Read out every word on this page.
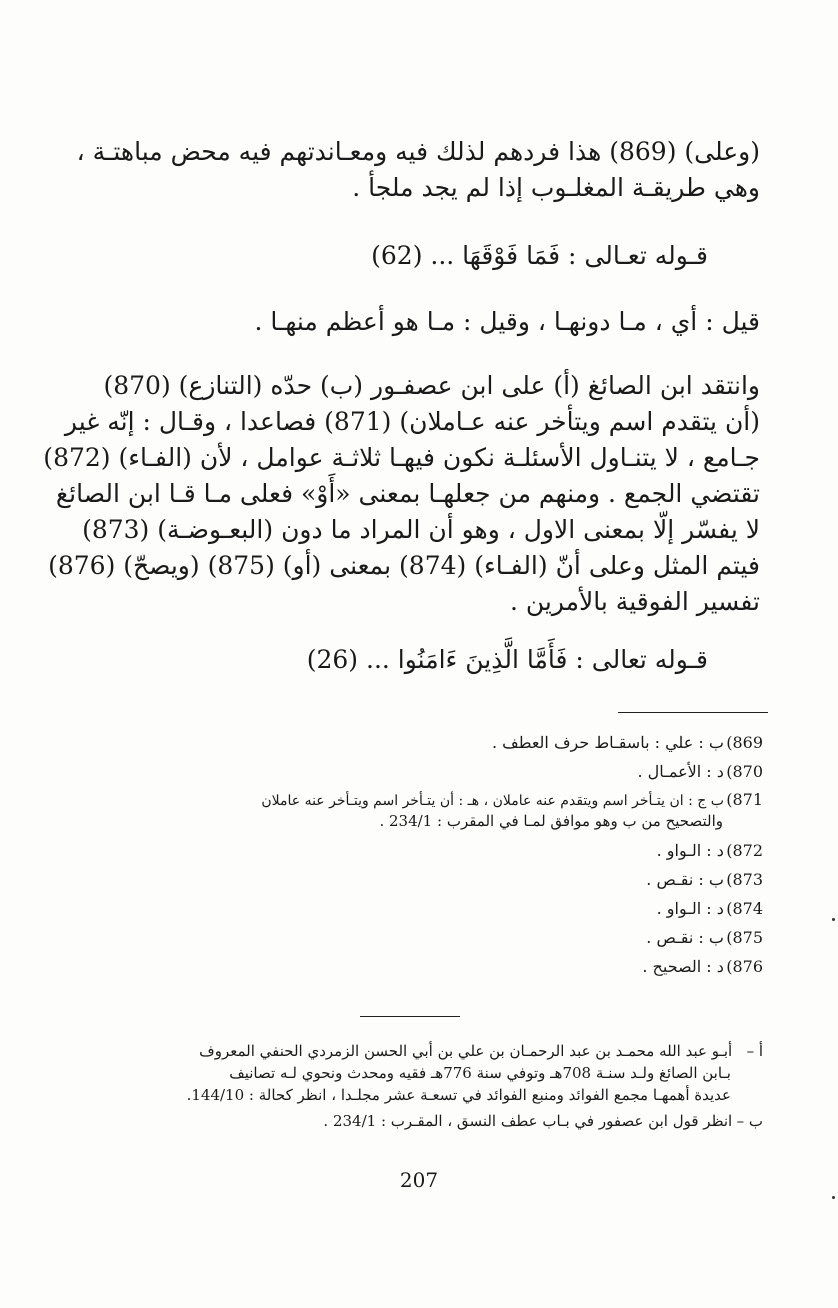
(وعلى) (869) هذا فردهم لذلك فيه ومعـاندتهم فيه محض مباهتـة ،
وهي طريقـة المغلـوب إذا لم يجد ملجأ .
قـوله تعـالى : فَمَا فَوْقَهَا ... (62)
قيل : أي ، مـا دونهـا ، وقيل : مـا هو أعظم منهـا .
وانتقد ابن الصائغ (أ) على ابن عصفـور (ب) حدّه (التنازع) (870)
(أن يتقدم اسم ويتأخر عنه عـاملان) (871) فصاعدا ، وقـال : إنّه غير
جـامع ، لا يتنـاول الأسئلـة نكون فيهـا ثلاثـة عوامل ، لأن (الفـاء) (872)
تقتضي الجمع . ومنهم من جعلهـا بمعنى «أَوْ» فعلى مـا قـا ابن الصائغ
لا يفسّر إلّا بمعنى الاول ، وهو أن المراد ما دون (البعـوضـة) (873)
فيتم المثل وعلى أنّ (الفـاء) (874) بمعنى (أو) (875) (ويصحّ) (876)
تفسير الفوقية بالأمرين .
قـوله تعالى : فَأَمَّا الَّذِينَ ءَامَنُوا ... (26)
869) ب : علي : باسقـاط حرف العطف .
870) د : الأعمـال .
871) ب ج : ان يتـأخر اسم ويتقدم عنه عاملان ، هـ : أن يتـأخر اسم ويتـأخر عنه عاملان
والتصحيح من ب وهو موافق لمـا في المقرب : 234/1 .
872) د : الـواو .
873) ب : نقـص .
874) د : الـواو .
875) ب : نقـص .
876) د : الصحيح .
أ – أبـو عبد الله محمـد بن عبد الرحمـان بن علي بن أبي الحسن الزمردي الحنفي المعروف
بـابن الصائغ ولـد سنـة 708هـ وتوفي سنة 776هـ فقيه ومحدث ونحوي لـه تصانيف
عديدة أهمهـا مجمع الفوائد ومنبع الفوائد في تسعـة عشر مجلـدا ، انظر كحالة : 144/10.
ب – انظر قول ابن عصفور في بـاب عطف النسق ، المقـرب : 234/1 .
207
